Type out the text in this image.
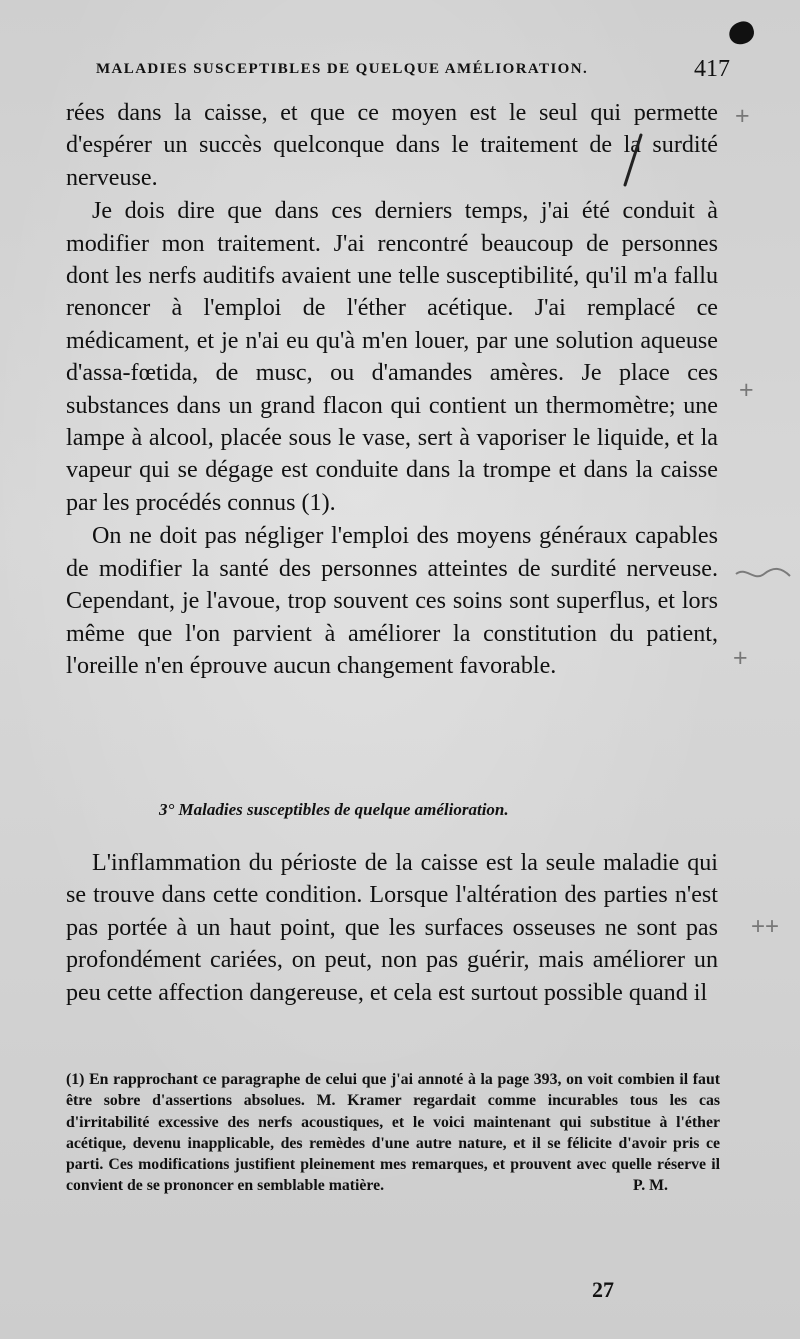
MALADIES SUSCEPTIBLES DE QUELQUE AMÉLIORATION.	417

rées dans la caisse, et que ce moyen est le seul qui permette d'espérer un succès quelconque dans le traitement de la surdité nerveuse.

Je dois dire que dans ces derniers temps, j'ai été conduit à modifier mon traitement. J'ai rencontré beaucoup de personnes dont les nerfs auditifs avaient une telle susceptibilité, qu'il m'a fallu renoncer à l'emploi de l'éther acétique. J'ai remplacé ce médicament, et je n'ai eu qu'à m'en louer, par une solution aqueuse d'assa-fœtida, de musc, ou d'amandes amères. Je place ces substances dans un grand flacon qui contient un thermomètre; une lampe à alcool, placée sous le vase, sert à vaporiser le liquide, et la vapeur qui se dégage est conduite dans la trompe et dans la caisse par les procédés connus (1).

On ne doit pas négliger l'emploi des moyens généraux capables de modifier la santé des personnes atteintes de surdité nerveuse. Cependant, je l'avoue, trop souvent ces soins sont superflus, et lors même que l'on parvient à améliorer la constitution du patient, l'oreille n'en éprouve aucun changement favorable.

3° Maladies susceptibles de quelque amélioration.

L'inflammation du périoste de la caisse est la seule maladie qui se trouve dans cette condition. Lorsque l'altération des parties n'est pas portée à un haut point, que les surfaces osseuses ne sont pas profondément cariées, on peut, non pas guérir, mais améliorer un peu cette affection dangereuse, et cela est surtout possible quand il

(1) En rapprochant ce paragraphe de celui que j'ai annoté à la page 393, on voit combien il faut être sobre d'assertions absolues. M. Kramer regardait comme incurables tous les cas d'irritabilité excessive des nerfs acoustiques, et le voici maintenant qui substitue à l'éther acétique, devenu inapplicable, des remèdes d'une autre nature, et il se félicite d'avoir pris ce parti. Ces modifications justifient pleinement mes remarques, et prouvent avec quelle réserve il convient de se prononcer en semblable matière.	P. M.

27
+
+
+
++
